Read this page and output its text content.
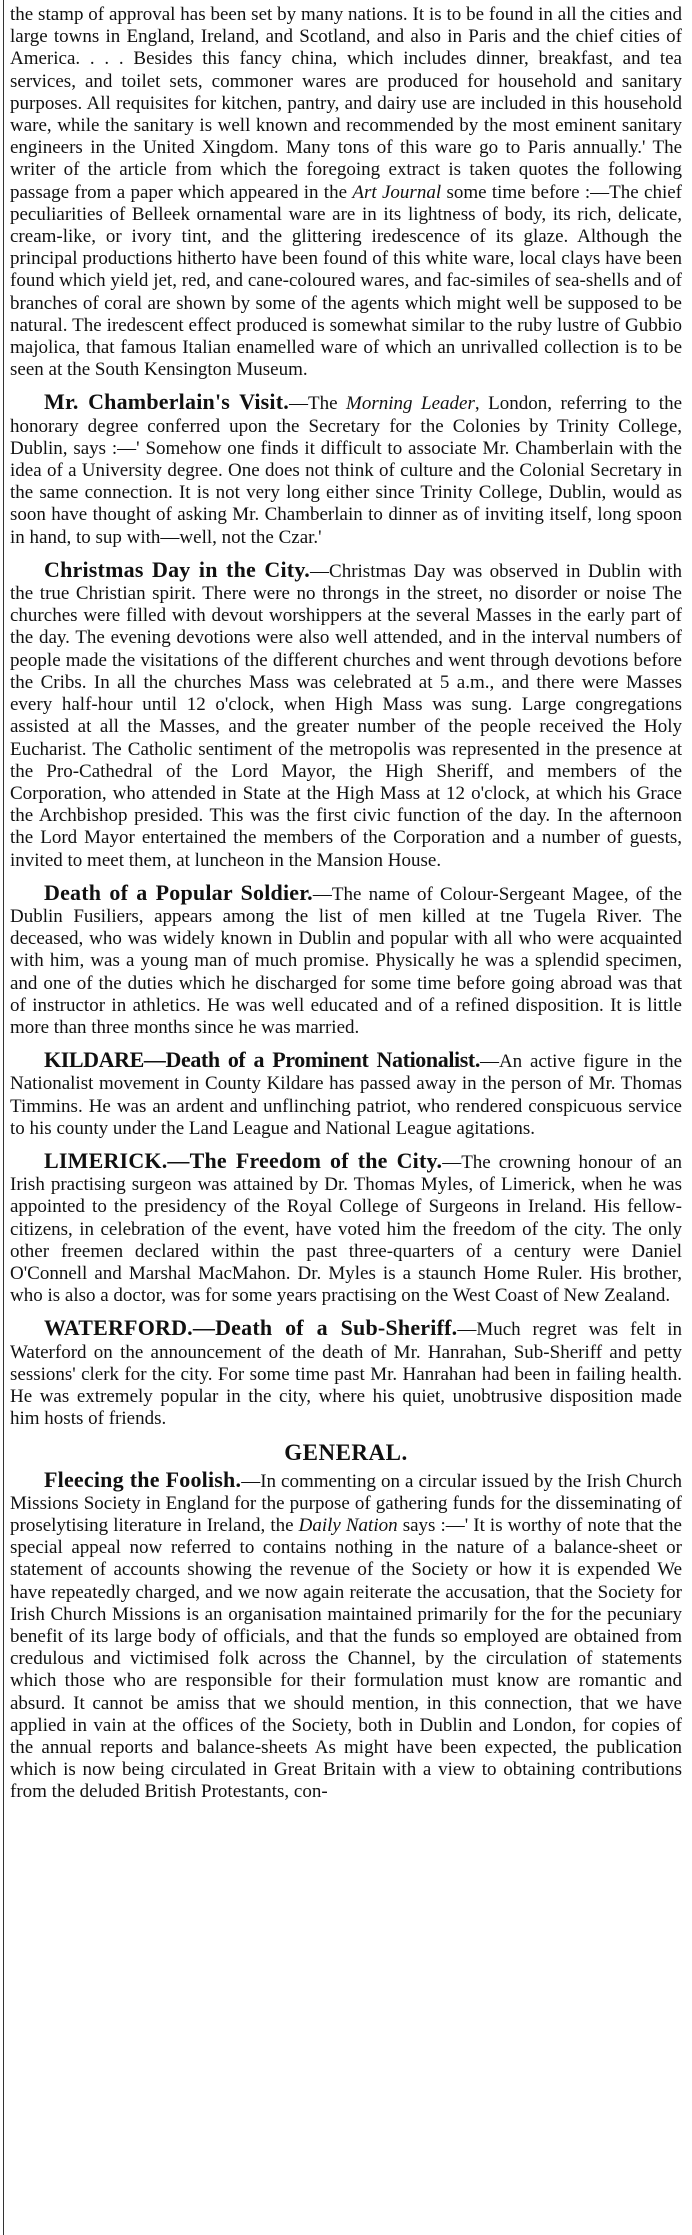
the stamp of approval has been set by many nations. It is to be found in all the cities and large towns in England, Ireland, and Scotland, and also in Paris and the chief cities of America. . . . Besides this fancy china, which includes dinner, breakfast, and tea services, and toilet sets, commoner wares are produced for household and sanitary purposes. All requisites for kitchen, pantry, and dairy use are included in this household ware, while the sanitary is well known and recommended by the most eminent sanitary engineers in the United Xingdom. Many tons of this ware go to Paris annually.' The writer of the article from which the foregoing extract is taken quotes the following passage from a paper which appeared in the Art Journal some time before :—The chief peculiarities of Belleek ornamental ware are in its lightness of body, its rich, delicate, cream-like, or ivory tint, and the glittering iredescence of its glaze. Although the principal productions hitherto have been found of this white ware, local clays have been found which yield jet, red, and cane-coloured wares, and fac-similes of sea-shells and of branches of coral are shown by some of the agents which might well be supposed to be natural. The iredescent effect produced is somewhat similar to the ruby lustre of Gubbio majolica, that famous Italian enamelled ware of which an unrivalled collection is to be seen at the South Kensington Museum.

Mr. Chamberlain's Visit.—The Morning Leader, London, referring to the honorary degree conferred upon the Secretary for the Colonies by Trinity College, Dublin, says :—' Somehow one finds it difficult to associate Mr. Chamberlain with the idea of a University degree. One does not think of culture and the Colonial Secretary in the same connection. It is not very long either since Trinity College, Dublin, would as soon have thought of asking Mr. Chamberlain to dinner as of inviting itself, long spoon in hand, to sup with—well, not the Czar.'

Christmas Day in the City.—Christmas Day was observed in Dublin with the true Christian spirit. There were no throngs in the street, no disorder or noise The churches were filled with devout worshippers at the several Masses in the early part of the day. The evening devotions were also well attended, and in the interval numbers of people made the visitations of the different churches and went through devotions before the Cribs. In all the churches Mass was celebrated at 5 a.m., and there were Masses every half-hour until 12 o'clock, when High Mass was sung. Large congregations assisted at all the Masses, and the greater number of the people received the Holy Eucharist. The Catholic sentiment of the metropolis was represented in the presence at the Pro-Cathedral of the Lord Mayor, the High Sheriff, and members of the Corporation, who attended in State at the High Mass at 12 o'clock, at which his Grace the Archbishop presided. This was the first civic function of the day. In the afternoon the Lord Mayor entertained the members of the Corporation and a number of guests, invited to meet them, at luncheon in the Mansion House.

Death of a Popular Soldier.—The name of Colour-Sergeant Magee, of the Dublin Fusiliers, appears among the list of men killed at tne Tugela River. The deceased, who was widely known in Dublin and popular with all who were acquainted with him, was a young man of much promise. Physically he was a splendid specimen, and one of the duties which he discharged for some time before going abroad was that of instructor in athletics. He was well educated and of a refined disposition. It is little more than three months since he was married.

KILDARE—Death of a Prominent Nationalist.—An active figure in the Nationalist movement in County Kildare has passed away in the person of Mr. Thomas Timmins. He was an ardent and unflinching patriot, who rendered conspicuous service to his county under the Land League and National League agitations.

LIMERICK.—The Freedom of the City.—The crowning honour of an Irish practising surgeon was attained by Dr. Thomas Myles, of Limerick, when he was appointed to the presidency of the Royal College of Surgeons in Ireland. His fellow-citizens, in celebration of the event, have voted him the freedom of the city. The only other freemen declared within the past three-quarters of a century were Daniel O'Connell and Marshal MacMahon. Dr. Myles is a staunch Home Ruler. His brother, who is also a doctor, was for some years practising on the West Coast of New Zealand.

WATERFORD.—Death of a Sub-Sheriff.—Much regret was felt in Waterford on the announcement of the death of Mr. Hanrahan, Sub-Sheriff and petty sessions' clerk for the city. For some time past Mr. Hanrahan had been in failing health. He was extremely popular in the city, where his quiet, unobtrusive disposition made him hosts of friends.

GENERAL.

Fleecing the Foolish.—In commenting on a circular issued by the Irish Church Missions Society in England for the purpose of gathering funds for the disseminating of proselytising literature in Ireland, the Daily Nation says :—' It is worthy of note that the special appeal now referred to contains nothing in the nature of a balance-sheet or statement of accounts showing the revenue of the Society or how it is expended We have repeatedly charged, and we now again reiterate the accusation, that the Society for Irish Church Missions is an organisation maintained primarily for the for the pecuniary benefit of its large body of officials, and that the funds so employed are obtained from credulous and victimised folk across the Channel, by the circulation of statements which those who are responsible for their formulation must know are romantic and absurd. It cannot be amiss that we should mention, in this connection, that we have applied in vain at the offices of the Society, both in Dublin and London, for copies of the annual reports and balance-sheets As might have been expected, the publication which is now being circulated in Great Britain with a view to obtaining contributions from the deluded British Protestants, con-
